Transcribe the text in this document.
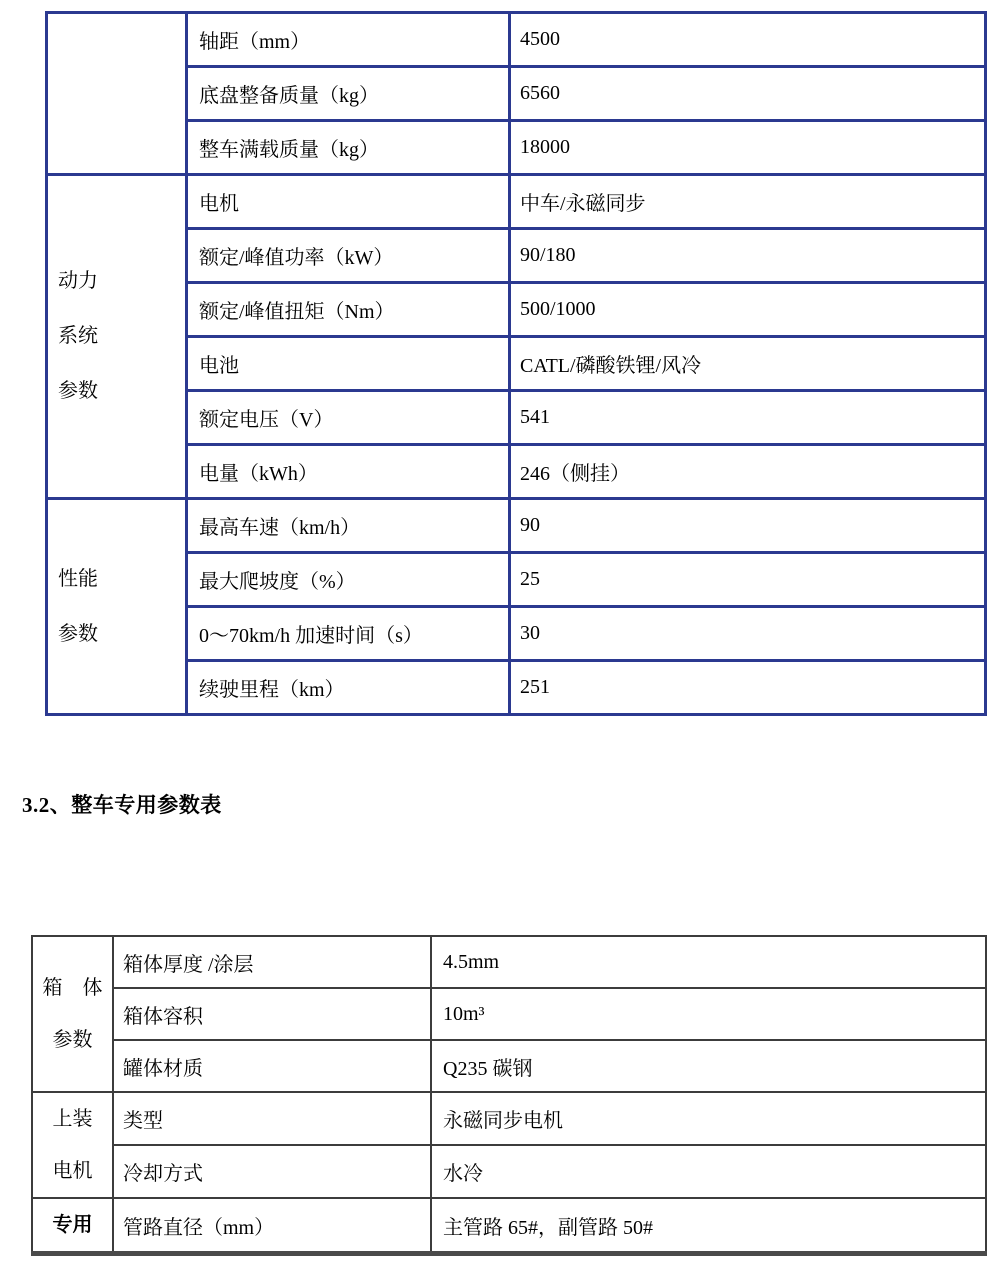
	轴距（mm）	4500
	底盘整备质量（kg）	6560
	整车满载质量（kg）	18000

动力
系统
参数	电机	中车/永磁同步
	额定/峰值功率（kW）	90/180
	额定/峰值扭矩（Nm）	500/1000
	电池	CATL/磷酸铁锂/风冷
	额定电压（V）	541
	电量（kWh）	246（侧挂）

性能
参数	最高车速（km/h）	90
	最大爬坡度（%）	25
	0～70km/h 加速时间（s）	30
	续驶里程（km）	251
3.2、整车专用参数表
箱　体
参数	箱体厚度 /涂层	4.5mm
	箱体容积	10m³
	罐体材质	Q235 碳钢

上装
电机	类型	永磁同步电机
	冷却方式	水冷

专用	管路直径（mm）	主管路 65#，副管路 50#
